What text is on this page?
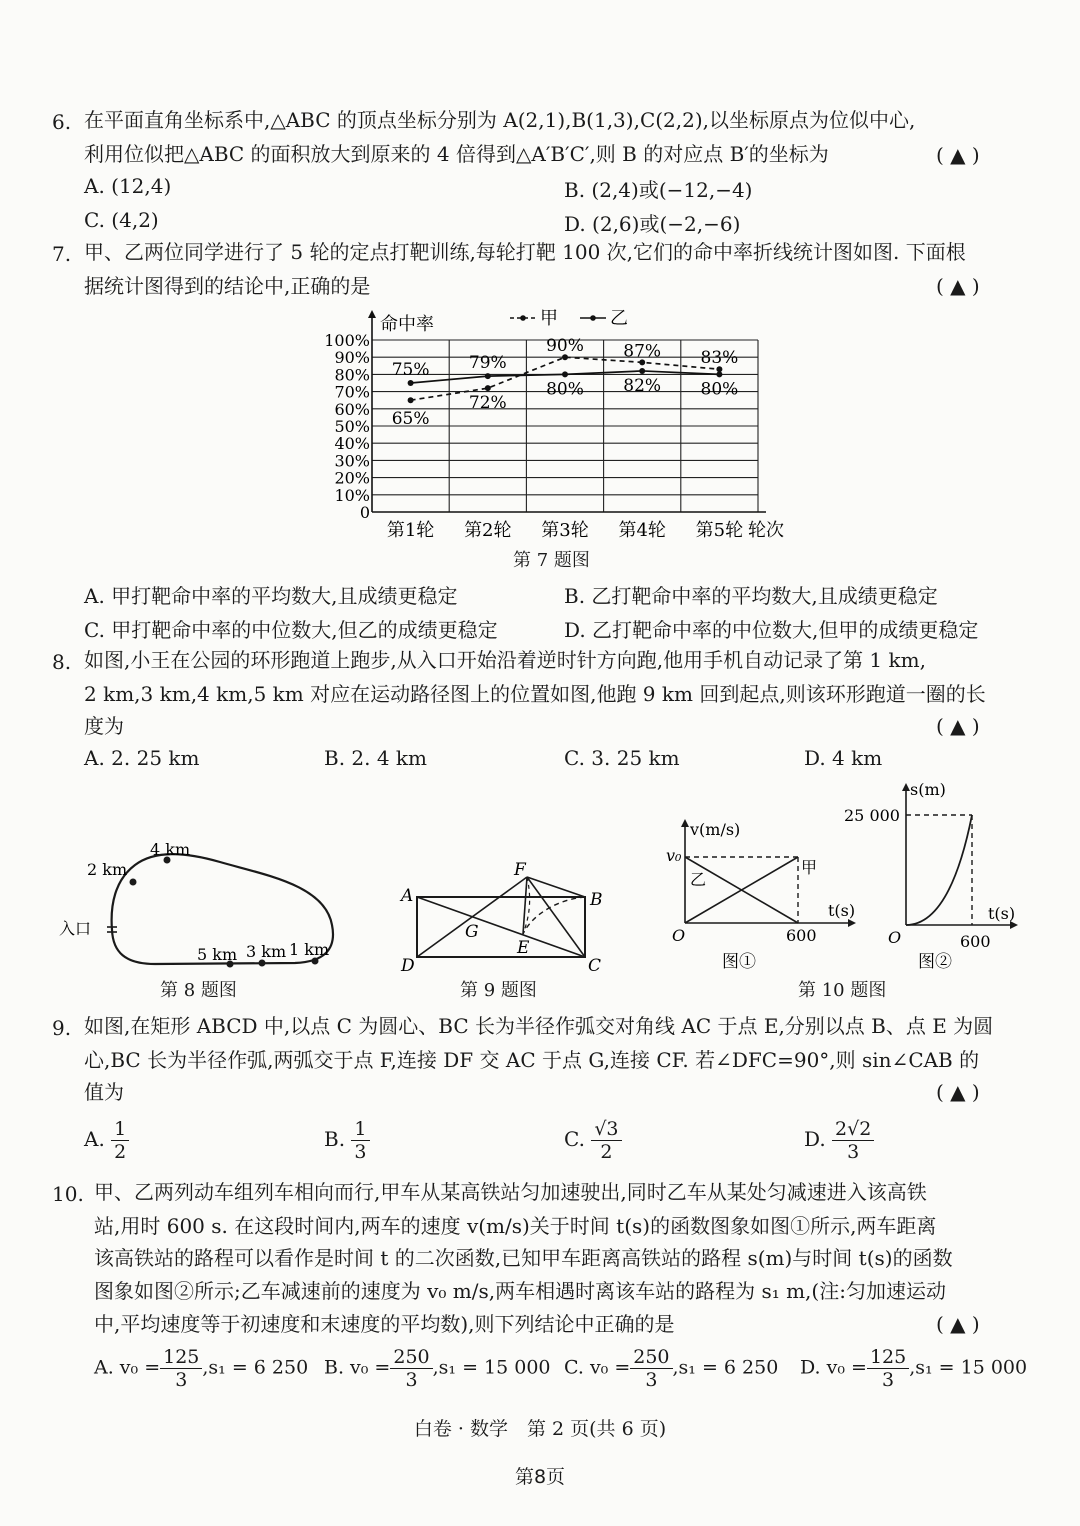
6. 在平面直角坐标系中,△ABC 的顶点坐标分别为 A(2,1),B(1,3),C(2,2),以坐标原点为位似中心,
利用位似把△ABC 的面积放大到原来的 4 倍得到△A′B′C′,则 B 的对应点 B′的坐标为	( ▲ )
A. (12,4)	B. (2,4)或(−12,−4)
C. (4,2)	D. (2,6)或(−2,−6)
7. 甲、乙两位同学进行了 5 轮的定点打靶训练,每轮打靶 100 次,它们的命中率折线统计图如图. 下面根
据统计图得到的结论中,正确的是	( ▲ )
0
10%
20%
30%
40%
50%
60%
70%
80%
90%
100%
命中率
轮次
第1轮 第2轮 第3轮 第4轮 第5轮
甲	乙
65%
72%
90% 87% 83%
75% 79%
80% 82% 80%
第 7 题图
A. 甲打靶命中率的平均数大,且成绩更稳定	B. 乙打靶命中率的平均数大,且成绩更稳定
C. 甲打靶命中率的中位数大,但乙的成绩更稳定	D. 乙打靶命中率的中位数大,但甲的成绩更稳定
8. 如图,小王在公园的环形跑道上跑步,从入口开始沿着逆时针方向跑,他用手机自动记录了第 1 km,
2 km,3 km,4 km,5 km 对应在运动路径图上的位置如图,他跑 9 km 回到起点,则该环形跑道一圈的长
度为	( ▲ )
A. 2. 25 km	B. 2. 4 km	C. 3. 25 km	D. 4 km
2 km
4 km
入口
5 km 3 km 1 km
第 8 题图
A	B
C
D
E
F
G
第 9 题图
v(m/s)
v₀
甲
乙
t(s)
O	600
图①
s(m)
25 000
t(s)
O	600
图②
第 10 题图
9. 如图,在矩形 ABCD 中,以点 C 为圆心、BC 长为半径作弧交对角线 AC 于点 E,分别以点 B、点 E 为圆
心,BC 长为半径作弧,两弧交于点 F,连接 DF 交 AC 于点 G,连接 CF. 若∠DFC=90°,则 sin∠CAB 的
值为	( ▲ )
A. $\frac{1}{2}$	B. $\frac{1}{3}$	C. $\frac{√3}{2}$	D. $\frac{2√2}{3}$
10. 甲、乙两列动车组列车相向而行,甲车从某高铁站匀加速驶出,同时乙车从某处匀减速进入该高铁
站,用时 600 s. 在这段时间内,两车的速度 v(m/s)关于时间 t(s)的函数图象如图①所示,两车距离
该高铁站的路程可以看作是时间 t 的二次函数,已知甲车距离高铁站的路程 s(m)与时间 t(s)的函数
图象如图②所示;乙车减速前的速度为 v₀ m/s,两车相遇时离该车站的路程为 s₁ m,(注:匀加速运动
中,平均速度等于初速度和末速度的平均数),则下列结论中正确的是	( ▲ )
A. $v_0 = \frac{125}{3} ,s_1 = 6$ 250 B. $v_0 = \frac{250}{3} ,s_1 = 15$ 000 C. $v_0 = \frac{250}{3} ,s_1 = 6$ 250 D. $v_0 = \frac{125}{3} ,s_1 = 15$ 000
白卷 · 数学　第 2 页(共 6 页)
第8页
